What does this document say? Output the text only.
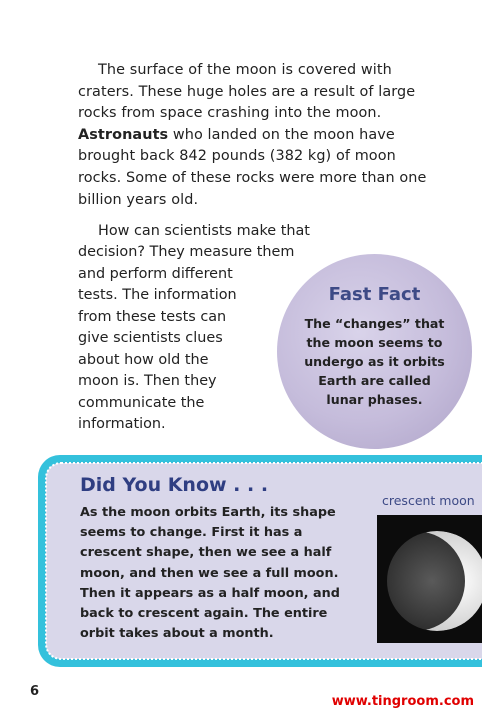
The surface of the moon is covered with craters. These huge holes are a result of large rocks from space crashing into the moon. Astronauts who landed on the moon have brought back 842 pounds (382 kg) of moon rocks. Some of these rocks were more than one billion years old.
How can scientists make that
decision? They measure them
and perform different
tests. The information
from these tests can
give scientists clues
about how old the
moon is. Then they
communicate the
information.
Fast Fact
The “changes” that
the moon seems to
undergo as it orbits
Earth are called
lunar phases.
Did You Know . . .
As the moon orbits Earth, its shape
seems to change. First it has a
crescent shape, then we see a half
moon, and then we see a full moon.
Then it appears as a half moon, and
back to crescent again. The entire
orbit takes about a month.
crescent moon
6
www.tingroom.com
